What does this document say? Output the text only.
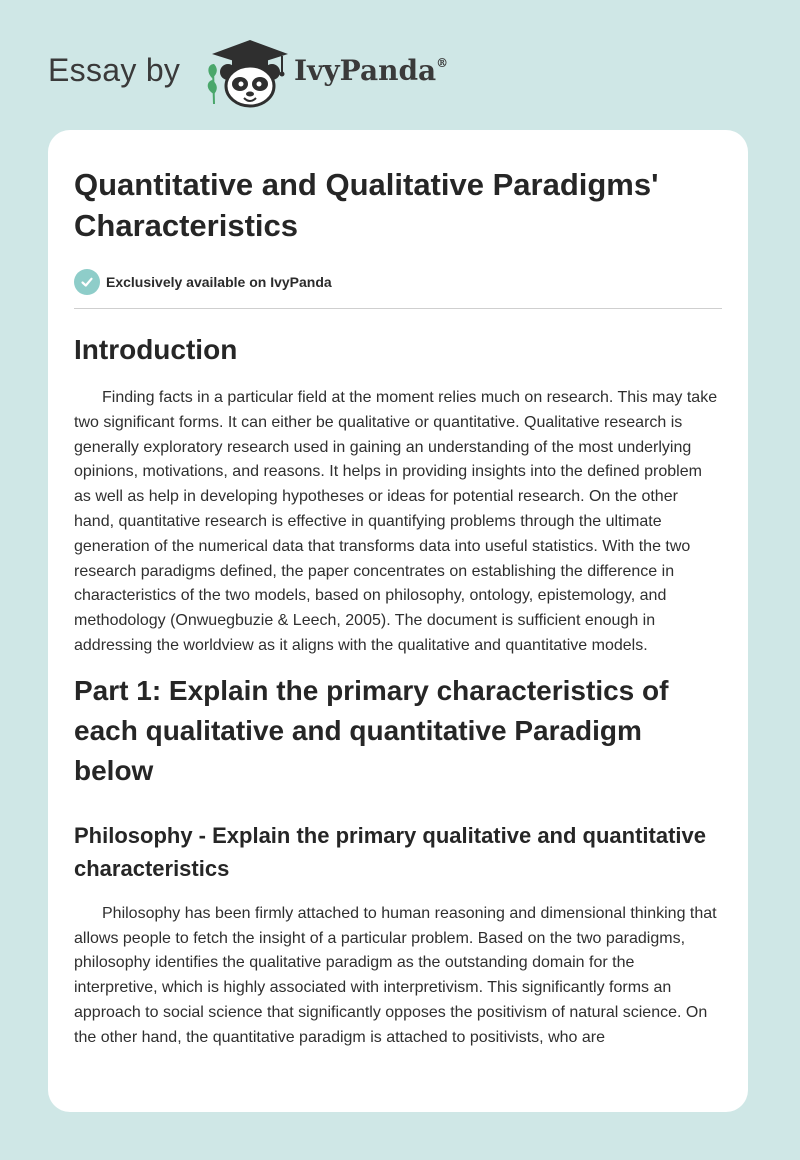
Essay by	IvyPanda®
Quantitative and Qualitative Paradigms' Characteristics
Exclusively available on IvyPanda
Introduction

Finding facts in a particular field at the moment relies much on research. This may take two significant forms. It can either be qualitative or quantitative. Qualitative research is generally exploratory research used in gaining an understanding of the most underlying opinions, motivations, and reasons. It helps in providing insights into the defined problem as well as help in developing hypotheses or ideas for potential research. On the other hand, quantitative research is effective in quantifying problems through the ultimate generation of the numerical data that transforms data into useful statistics. With the two research paradigms defined, the paper concentrates on establishing the difference in characteristics of the two models, based on philosophy, ontology, epistemology, and methodology (Onwuegbuzie & Leech, 2005). The document is sufficient enough in addressing the worldview as it aligns with the qualitative and quantitative models.

Part 1: Explain the primary characteristics of each qualitative and quantitative Paradigm below
Philosophy - Explain the primary qualitative and quantitative characteristics

Philosophy has been firmly attached to human reasoning and dimensional thinking that allows people to fetch the insight of a particular problem. Based on the two paradigms, philosophy identifies the qualitative paradigm as the outstanding domain for the interpretive, which is highly associated with interpretivism. This significantly forms an approach to social science that significantly opposes the positivism of natural science. On the other hand, the quantitative paradigm is attached to positivists, who are
